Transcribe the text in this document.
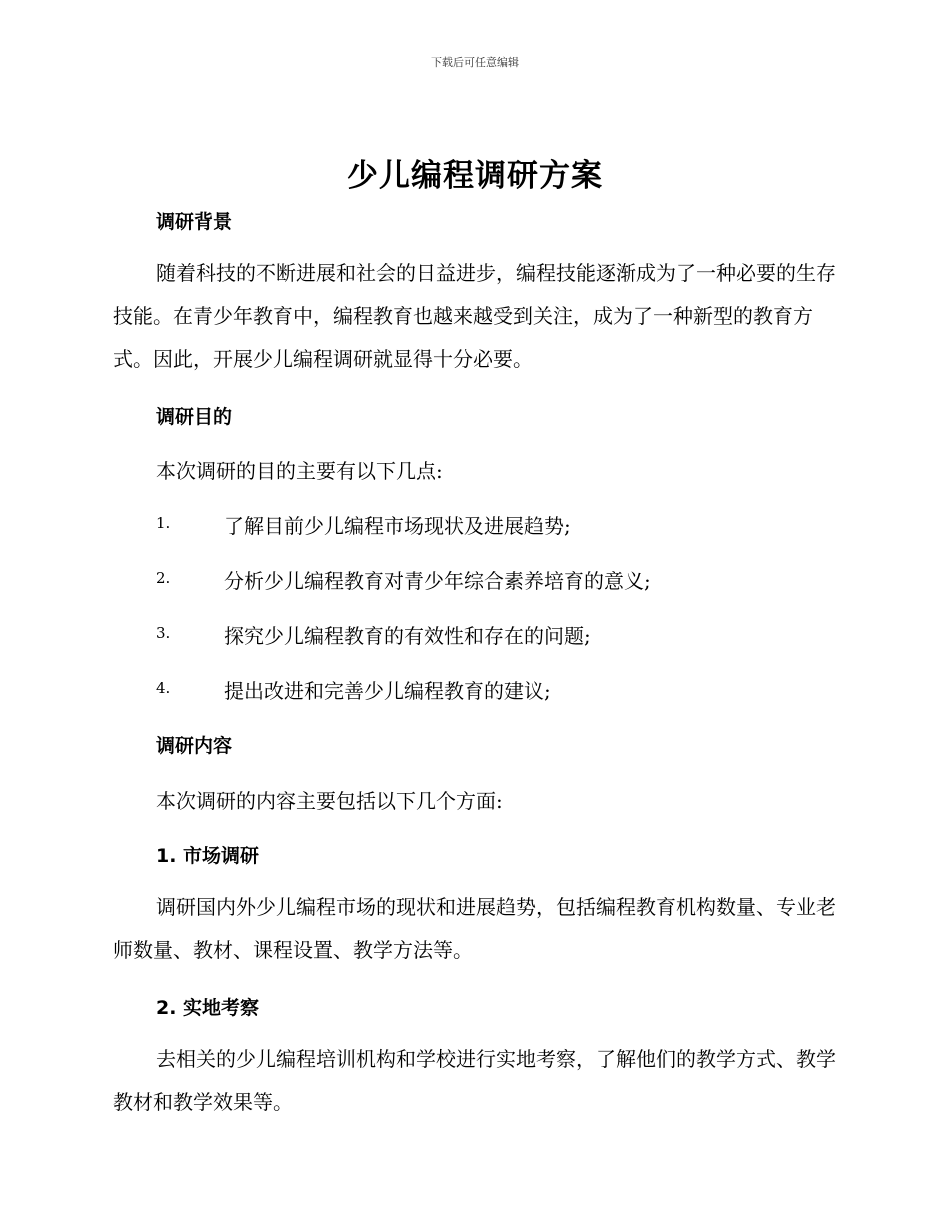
下载后可任意编辑
少儿编程调研方案
调研背景
随着科技的不断进展和社会的日益进步，编程技能逐渐成为了一种必要的生存技能。在青少年教育中，编程教育也越来越受到关注，成为了一种新型的教育方式。因此，开展少儿编程调研就显得十分必要。
调研目的
本次调研的目的主要有以下几点:
1.	了解目前少儿编程市场现状及进展趋势;
2.	分析少儿编程教育对青少年综合素养培育的意义;
3.	探究少儿编程教育的有效性和存在的问题;
4.	提出改进和完善少儿编程教育的建议;
调研内容
本次调研的内容主要包括以下几个方面:
1. 市场调研
调研国内外少儿编程市场的现状和进展趋势，包括编程教育机构数量、专业老师数量、教材、课程设置、教学方法等。
2. 实地考察
去相关的少儿编程培训机构和学校进行实地考察，了解他们的教学方式、教学教材和教学效果等。
